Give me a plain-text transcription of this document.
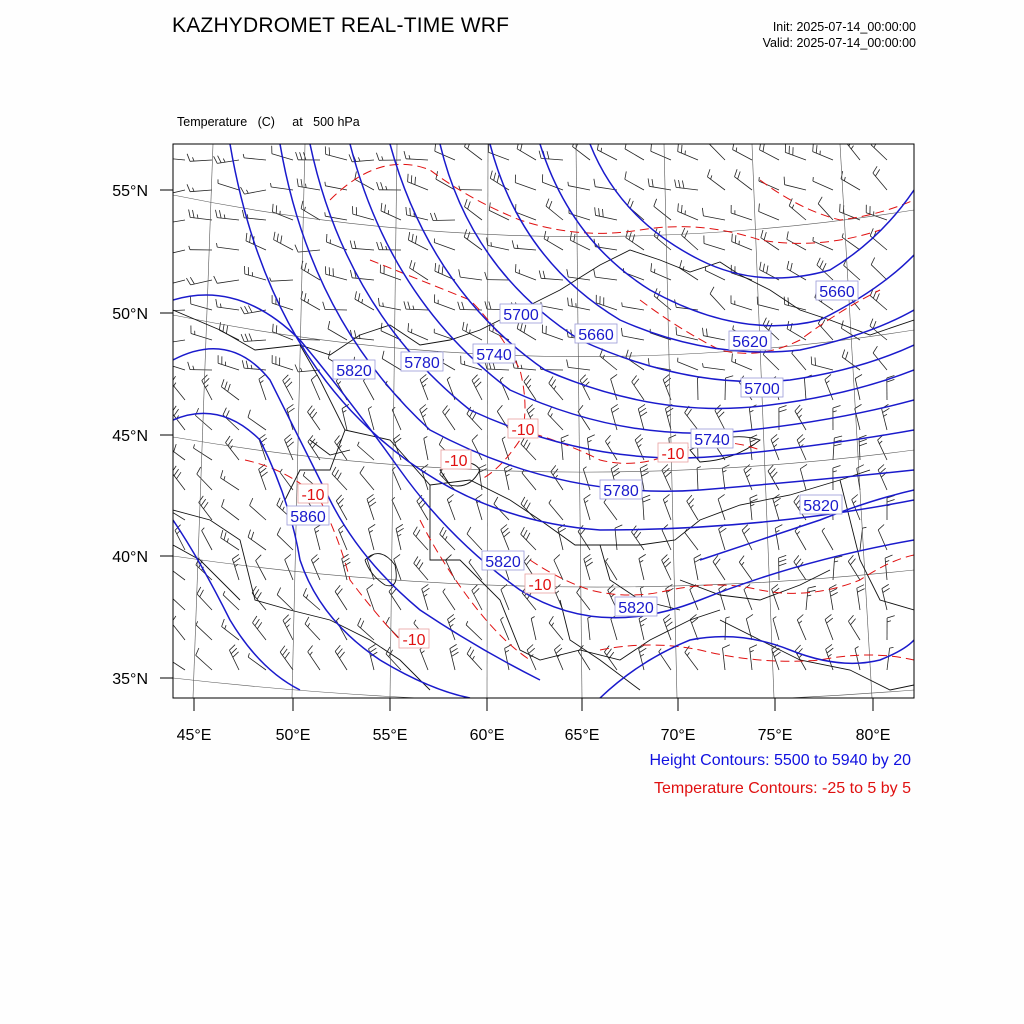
KAZHYDROMET REAL-TIME WRF	Init: 2025-07-14_00:00:00
Valid: 2025-07-14_00:00:00

Temperature   (C)     at   500 hPa

5700
5660
5660
5620
5780 5740
5820
5700
5740
5780
5820
5860
5820
5820
-10
-10	-10
-10
-10
-10
55°N
50°N
45°N
40°N
35°N
45°E	50°E	55°E	60°E	65°E	70°E	75°E	80°E
Height Contours: 5500 to 5940 by 20
Temperature Contours: -25 to 5 by 5
